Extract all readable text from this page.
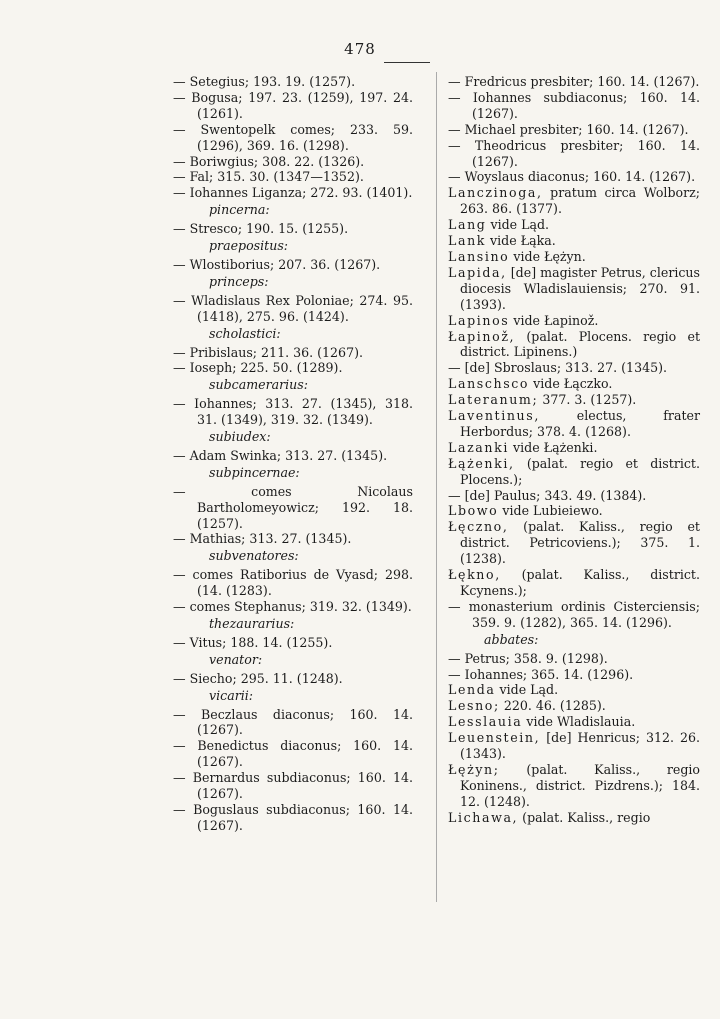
478
— Setegius; 193. 19. (1257).
— Bogusa; 197. 23. (1259), 197. 24. (1261).
— Swentopelk comes; 233. 59. (1296), 369. 16. (1298).
— Boriwgius; 308. 22. (1326).
— Fal; 315. 30. (1347—1352).
— Iohannes Liganza; 272. 93. (1401).
pincerna:
— Stresco; 190. 15. (1255).
praepositus:
— Wlostiborius; 207. 36. (1267).
princeps:
— Wladislaus Rex Poloniae; 274. 95. (1418), 275. 96. (1424).
scholastici:
— Pribislaus; 211. 36. (1267).
— Ioseph; 225. 50. (1289).
subcamerarius:
— Iohannes; 313. 27. (1345), 318. 31. (1349), 319. 32. (1349).
subiudex:
— Adam Swinka; 313. 27. (1345).
subpincernae:
— comes Nicolaus Bartholomeyowicz; 192. 18. (1257).
— Mathias; 313. 27. (1345).
subvenatores:
— comes Ratiborius de Vyasd; 298. (14. (1283).
— comes Stephanus; 319. 32. (1349).
thezaurarius:
— Vitus; 188. 14. (1255).
venator:
— Siecho; 295. 11. (1248).
vicarii:
— Beczlaus diaconus; 160. 14. (1267).
— Benedictus diaconus; 160. 14. (1267).
— Bernardus subdiaconus; 160. 14. (1267).
— Boguslaus subdiaconus; 160. 14. (1267).
— Fredricus presbiter; 160. 14. (1267).
— Iohannes subdiaconus; 160. 14. (1267).
— Michael presbiter; 160. 14. (1267).
— Theodricus presbiter; 160. 14. (1267).
— Woyslaus diaconus; 160. 14. (1267).
Lanczinoga, pratum circa Wolborz; 263. 86. (1377).
Lang vide Ląd.
Lank vide Łąka.
Lansino vide Łężyn.
Lapida, [de] magister Petrus, clericus diocesis Wladislauiensis; 270. 91. (1393).
Lapinos vide Łapinož.
Łapinož, (palat. Plocens. regio et district. Lipinens.)
— [de] Sbroslaus; 313. 27. (1345).
Lanschsco vide Łączko.
Lateranum; 377. 3. (1257).
Laventinus, electus, frater Herbordus; 378. 4. (1268).
Lazanki vide Łążenki.
Łążenki, (palat. regio et district. Plocens.);
— [de] Paulus; 343. 49. (1384).
Lbowo vide Lubieiewo.
Łęczno, (palat. Kaliss., regio et district. Petricoviens.); 375. 1. (1238).
Łękno, (palat. Kaliss., district. Kcynens.);
— monasterium ordinis Cisterciensis; 359. 9. (1282), 365. 14. (1296).
abbates:
— Petrus; 358. 9. (1298).
— Iohannes; 365. 14. (1296).
Lenda vide Ląd.
Lesno; 220. 46. (1285).
Lesslauia vide Wladislauia.
Leuenstein, [de] Henricus; 312. 26. (1343).
Łężyn; (palat. Kaliss., regio Koninens., district. Pizdrens.); 184. 12. (1248).
Lichawa, (palat. Kaliss., regio
